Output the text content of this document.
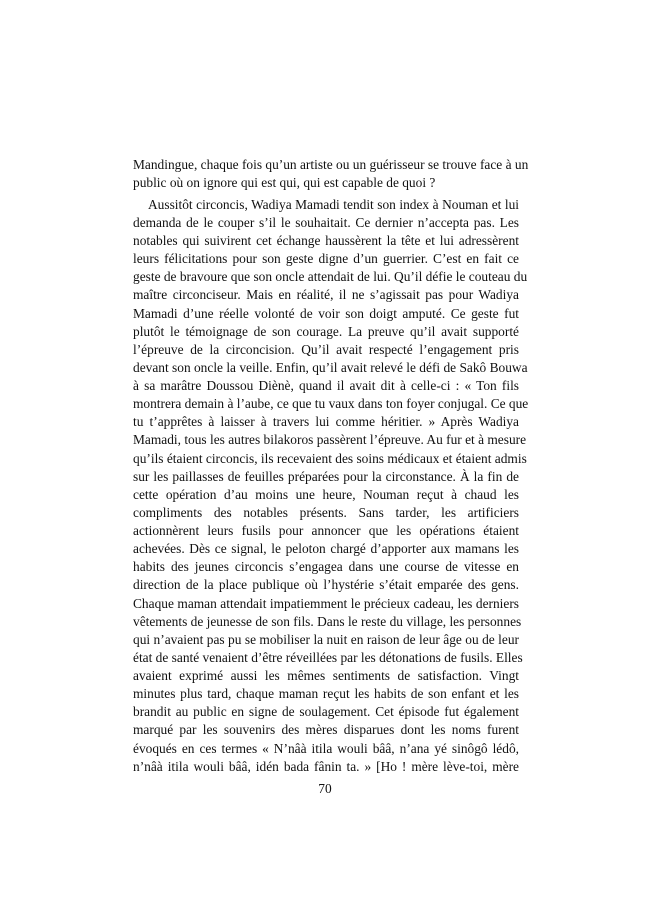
Mandingue, chaque fois qu’un artiste ou un guérisseur se trouve face à un
public où on ignore qui est qui, qui est capable de quoi ?
Aussitôt circoncis, Wadiya Mamadi tendit son index à Nouman et lui
demanda de le couper s’il le souhaitait. Ce dernier n’accepta pas. Les
notables qui suivirent cet échange haussèrent la tête et lui adressèrent
leurs félicitations pour son geste digne d’un guerrier. C’est en fait ce
geste de bravoure que son oncle attendait de lui. Qu’il défie le couteau du
maître circonciseur. Mais en réalité, il ne s’agissait pas pour Wadiya
Mamadi d’une réelle volonté de voir son doigt amputé. Ce geste fut
plutôt le témoignage de son courage. La preuve qu’il avait supporté
l’épreuve de la circoncision. Qu’il avait respecté l’engagement pris
devant son oncle la veille. Enfin, qu’il avait relevé le défi de Sakô Bouwa
à sa marâtre Doussou Diènè, quand il avait dit à celle-ci : « Ton fils
montrera demain à l’aube, ce que tu vaux dans ton foyer conjugal. Ce que
tu t’apprêtes à laisser à travers lui comme héritier. » Après Wadiya
Mamadi, tous les autres bilakoros passèrent l’épreuve. Au fur et à mesure
qu’ils étaient circoncis, ils recevaient des soins médicaux et étaient admis
sur les paillasses de feuilles préparées pour la circonstance. À la fin de
cette opération d’au moins une heure, Nouman reçut à chaud les
compliments des notables présents. Sans tarder, les artificiers
actionnèrent leurs fusils pour annoncer que les opérations étaient
achevées. Dès ce signal, le peloton chargé d’apporter aux mamans les
habits des jeunes circoncis s’engagea dans une course de vitesse en
direction de la place publique où l’hystérie s’était emparée des gens.
Chaque maman attendait impatiemment le précieux cadeau, les derniers
vêtements de jeunesse de son fils. Dans le reste du village, les personnes
qui n’avaient pas pu se mobiliser la nuit en raison de leur âge ou de leur
état de santé venaient d’être réveillées par les détonations de fusils. Elles
avaient exprimé aussi les mêmes sentiments de satisfaction. Vingt
minutes plus tard, chaque maman reçut les habits de son enfant et les
brandit au public en signe de soulagement. Cet épisode fut également
marqué par les souvenirs des mères disparues dont les noms furent
évoqués en ces termes « N’nâà itila wouli bââ, n’ana yé sinôgô lédô,
n’nâà itila wouli bââ, idén bada fânin ta. » [Ho ! mère lève-toi, mère
70
